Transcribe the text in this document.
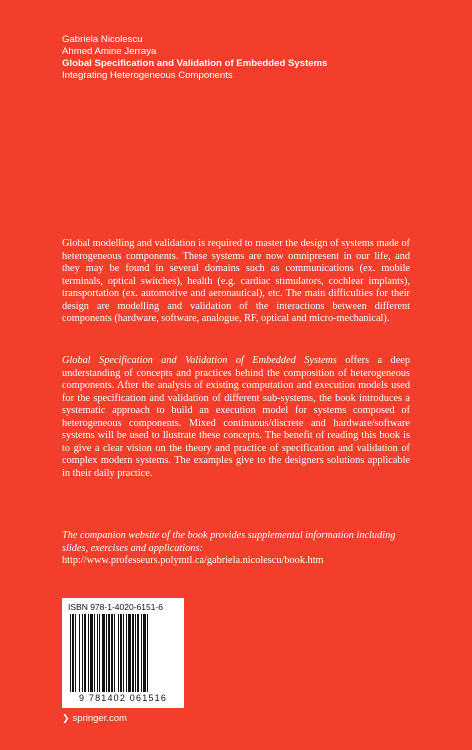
Gabriela Nicolescu
Ahmed Amine Jerraya
Global Specification and Validation of Embedded Systems
Integrating Heterogeneous Components
Global modelling and validation is required to master the design of systems made of heterogeneous components. These systems are now omnipresent in our life, and they may be found in several domains such as communications (ex. mobile terminals, optical switches), health (e.g. cardiac stimulators, cochlear implants), transportation (ex. automotive and aeronautical), etc. The main difficulties for their design are modelling and validation of the interactions between different components (hardware, software, analogue, RF, optical and micro-mechanical).
Global Specification and Validation of Embedded Systems offers a deep understanding of concepts and practices behind the composition of heterogeneous components. After the analysis of existing computation and execution models used for the specification and validation of different sub-systems, the book introduces a systematic approach to build an execution model for systems composed of heterogeneous components. Mixed continuous/discrete and hardware/software systems will be used to llustrate these concepts. The benefit of reading this book is to give a clear vision on the theory and practice of specification and validation of complex modern systems. The examples give to the designers solutions applicable in their daily practice.
The companion website of the book provides supplemental information including slides, exercises and applications:
http://www.professeurs.polymtl.ca/gabriela.nicolescu/book.htm
ISBN 978-1-4020-6151-6
9 781402 061516
❯ springer.com
